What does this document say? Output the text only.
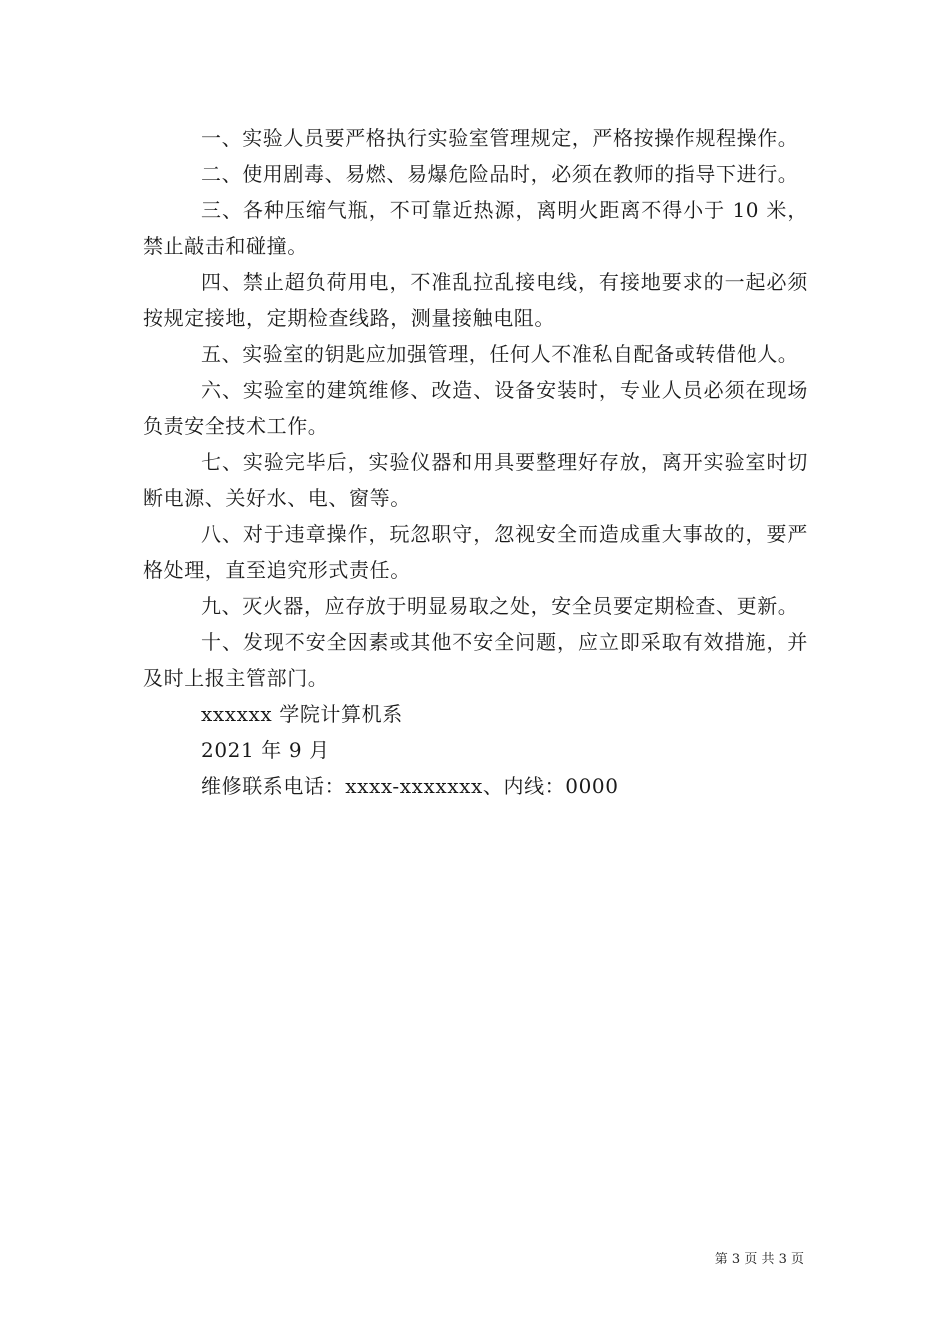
一、实验人员要严格执行实验室管理规定，严格按操作规程操作。

二、使用剧毒、易燃、易爆危险品时，必须在教师的指导下进行。

三、各种压缩气瓶，不可靠近热源，离明火距离不得小于 10 米，禁止敲击和碰撞。

四、禁止超负荷用电，不准乱拉乱接电线，有接地要求的一起必须按规定接地，定期检查线路，测量接触电阻。

五、实验室的钥匙应加强管理，任何人不准私自配备或转借他人。

六、实验室的建筑维修、改造、设备安装时，专业人员必须在现场负责安全技术工作。

七、实验完毕后，实验仪器和用具要整理好存放，离开实验室时切断电源、关好水、电、窗等。

八、对于违章操作，玩忽职守，忽视安全而造成重大事故的，要严格处理，直至追究形式责任。

九、灭火器，应存放于明显易取之处，安全员要定期检查、更新。

十、发现不安全因素或其他不安全问题，应立即采取有效措施，并及时上报主管部门。

xxxxxx 学院计算机系

2021 年 9 月

维修联系电话：xxxx-xxxxxxx、内线：0000

第 3 页 共 3 页
